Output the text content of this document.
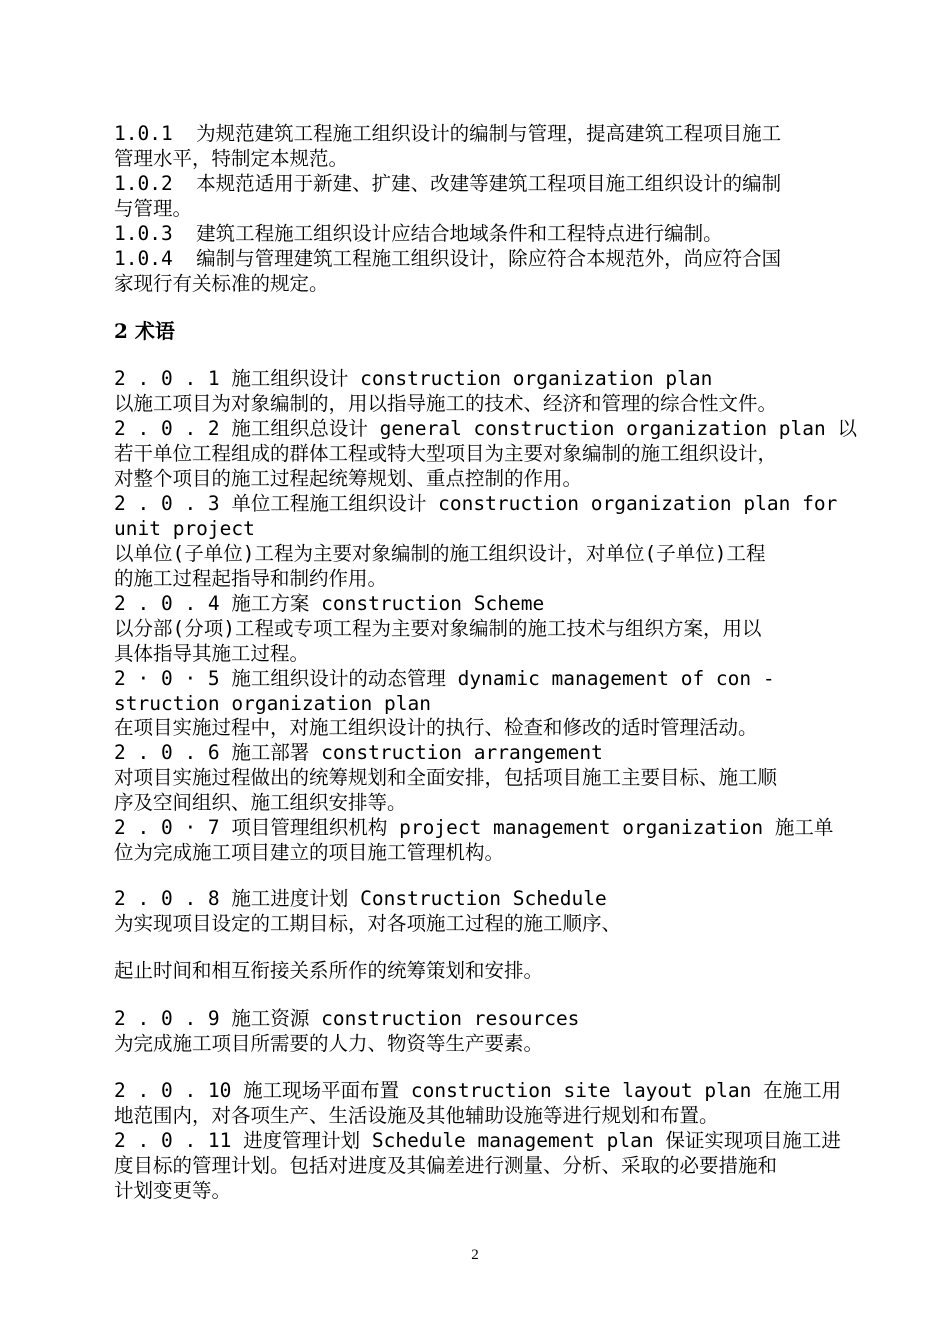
1.0.1  为规范建筑工程施工组织设计的编制与管理，提高建筑工程项目施工
管理水平，特制定本规范。
1.0.2  本规范适用于新建、扩建、改建等建筑工程项目施工组织设计的编制
与管理。
1.0.3  建筑工程施工组织设计应结合地域条件和工程特点进行编制。
1.0.4  编制与管理建筑工程施工组织设计，除应符合本规范外，尚应符合国
家现行有关标准的规定。
2 术语
2 . 0 . 1 施工组织设计 construction organization plan
以施工项目为对象编制的，用以指导施工的技术、经济和管理的综合性文件。
2 . 0 . 2 施工组织总设计 general construction organization plan 以
若干单位工程组成的群体工程或特大型项目为主要对象编制的施工组织设计，
对整个项目的施工过程起统筹规划、重点控制的作用。
2 . 0 . 3 单位工程施工组织设计 construction organization plan for
unit project
以单位(子单位)工程为主要对象编制的施工组织设计，对单位(子单位)工程
的施工过程起指导和制约作用。
2 . 0 . 4 施工方案 construction Scheme
以分部(分项)工程或专项工程为主要对象编制的施工技术与组织方案，用以
具体指导其施工过程。
2 · 0 · 5 施工组织设计的动态管理 dynamic management of con -
struction organization plan
在项目实施过程中，对施工组织设计的执行、检查和修改的适时管理活动。
2 . 0 . 6 施工部署 construction arrangement
对项目实施过程做出的统筹规划和全面安排，包括项目施工主要目标、施工顺
序及空间组织、施工组织安排等。
2 . 0 · 7 项目管理组织机构 project management organization 施工单
位为完成施工项目建立的项目施工管理机构。
2 . 0 . 8 施工进度计划 Construction Schedule
为实现项目设定的工期目标，对各项施工过程的施工顺序、
起止时间和相互衔接关系所作的统筹策划和安排。
2 . 0 . 9 施工资源 construction resources
为完成施工项目所需要的人力、物资等生产要素。
2 . 0 . 10 施工现场平面布置 construction site layout plan 在施工用
地范围内，对各项生产、生活设施及其他辅助设施等进行规划和布置。
2 . 0 . 11 进度管理计划 Schedule management plan 保证实现项目施工进
度目标的管理计划。包括对进度及其偏差进行测量、分析、采取的必要措施和
计划变更等。
2
